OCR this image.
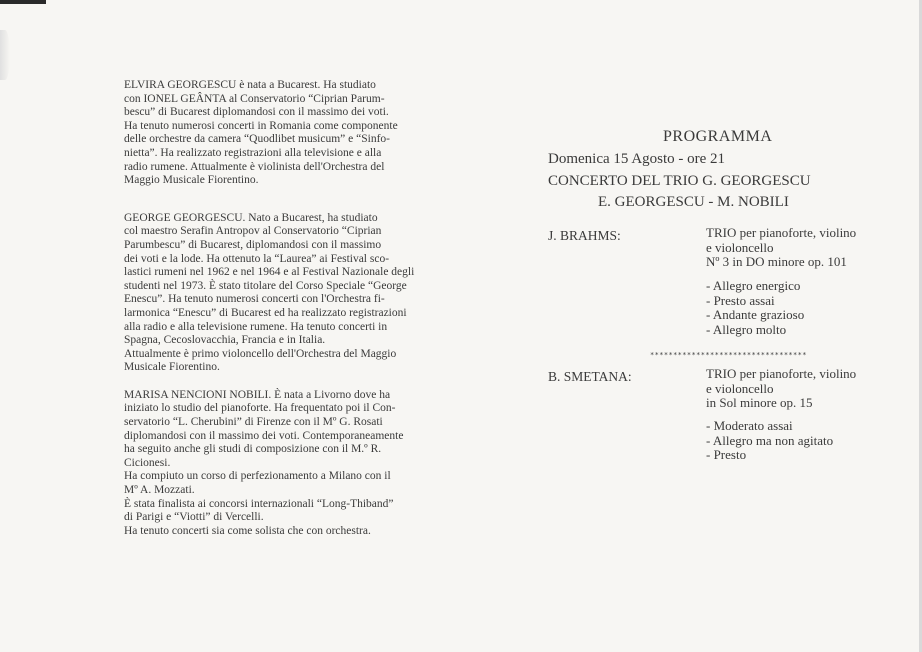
ELVIRA GEORGESCU è nata a Bucarest. Ha studiato
con IONEL GEÂNTA al Conservatorio “Ciprian Parum-
bescu” di Bucarest diplomandosi con il massimo dei voti.
Ha tenuto numerosi concerti in Romania come componente
delle orchestre da camera “Quodlibet musicum” e “Sinfo-
nietta”. Ha realizzato registrazioni alla televisione e alla
radio rumene. Attualmente è violinista dell'Orchestra del
Maggio Musicale Fiorentino.

GEORGE GEORGESCU. Nato a Bucarest, ha studiato
col maestro Serafin Antropov al Conservatorio “Ciprian
Parumbescu” di Bucarest, diplomandosi con il massimo
dei voti e la lode. Ha ottenuto la “Laurea” ai Festival sco-
lastici rumeni nel 1962 e nel 1964 e al Festival Nazionale degli
studenti nel 1973. È stato titolare del Corso Speciale “George
Enescu”. Ha tenuto numerosi concerti con l'Orchestra fi-
larmonica “Enescu” di Bucarest ed ha realizzato registrazioni
alla radio e alla televisione rumene. Ha tenuto concerti in
Spagna, Cecoslovacchia, Francia e in Italia.
Attualmente è primo violoncello dell'Orchestra del Maggio
Musicale Fiorentino.

MARISA NENCIONI NOBILI. È nata a Livorno dove ha
iniziato lo studio del pianoforte. Ha frequentato poi il Con-
servatorio “L. Cherubini” di Firenze con il Mº G. Rosati
diplomandosi con il massimo dei voti. Contemporaneamente
ha seguito anche gli studi di composizione con il M.º R.
Cicionesi.
Ha compiuto un corso di perfezionamento a Milano con il
Mº A. Mozzati.
È stata finalista ai concorsi internazionali “Long-Thiband”
di Parigi e “Viotti” di Vercelli.
Ha tenuto concerti sia come solista che con orchestra.

PROGRAMMA
Domenica 15 Agosto - ore 21
CONCERTO DEL TRIO G. GEORGESCU
E. GEORGESCU - M. NOBILI
J. BRAHMS:	TRIO per pianoforte, violino
e violoncello
Nº 3 in DO minore op. 101
- Allegro energico
- Presto assai
- Andante grazioso
- Allegro molto
**********************************
B. SMETANA:	TRIO per pianoforte, violino
e violoncello
in Sol minore op. 15
- Moderato assai
- Allegro ma non agitato
- Presto
